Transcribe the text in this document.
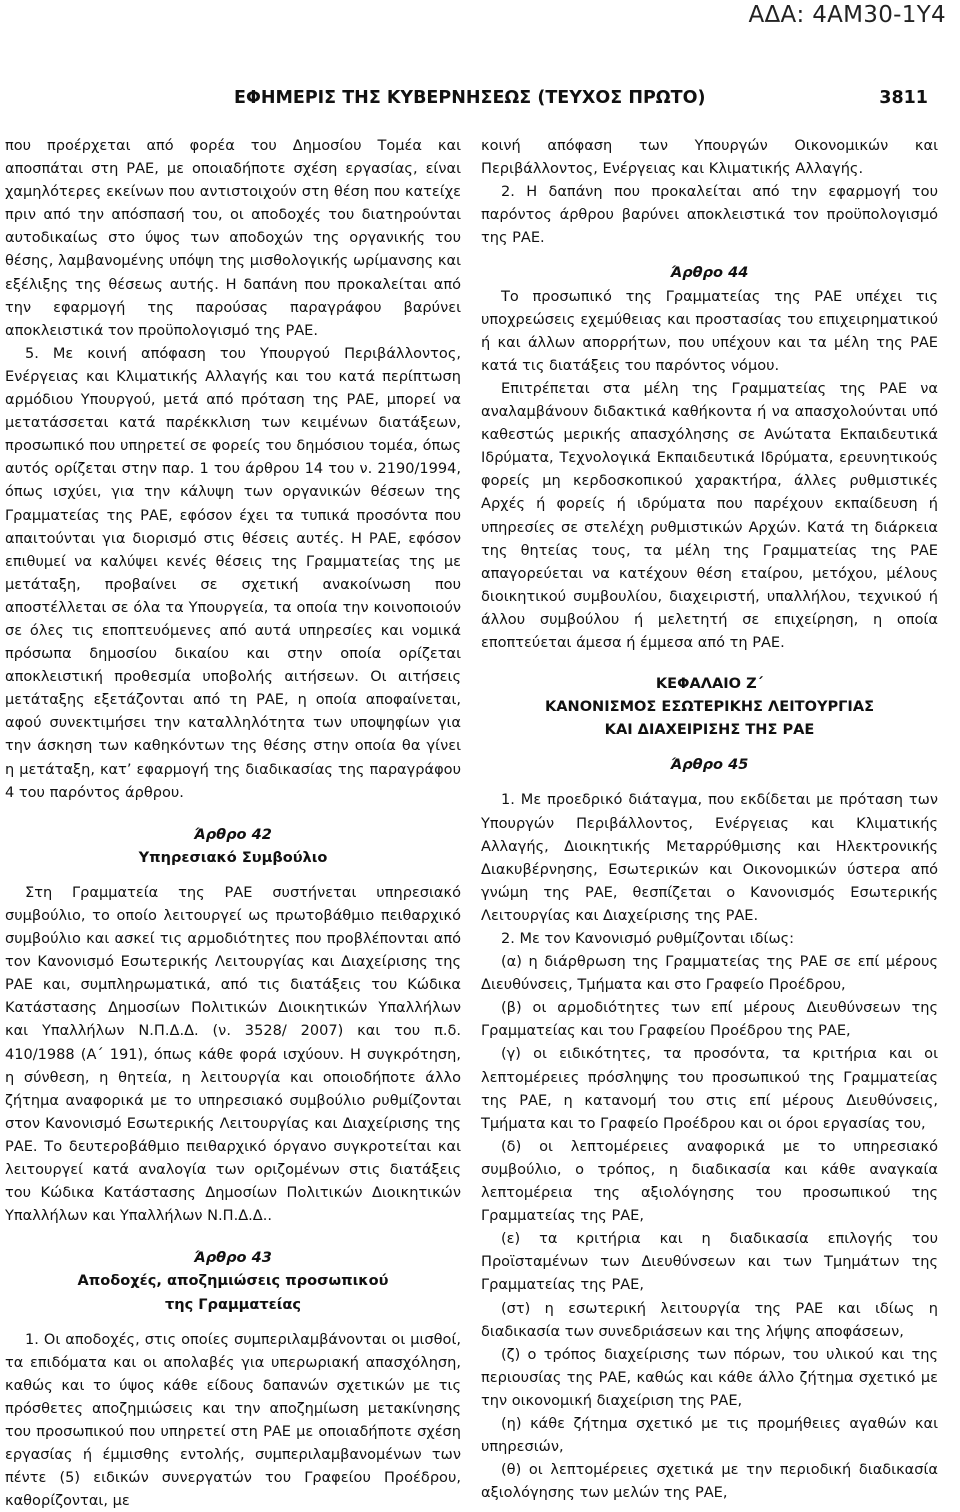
ΑΔΑ: 4ΑΜ30-1Υ4
ΕΦΗΜΕΡΙΣ ΤΗΣ ΚΥΒΕΡΝΗΣΕΩΣ (ΤΕΥΧΟΣ ΠΡΩΤΟ)	3811

που προέρχεται από φορέα του Δημοσίου Τομέα και αποσπάται στη ΡΑΕ, με οποιαδήποτε σχέση εργασίας, είναι χαμηλότερες εκείνων που αντιστοιχούν στη θέση που κατείχε πριν από την απόσπασή του, οι αποδοχές του διατηρούνται αυτοδικαίως στο ύψος των αποδοχών της οργανικής του θέσης, λαμβανομένης υπόψη της μισθολογικής ωρίμανσης και εξέλιξης της θέσεως αυτής. Η δαπάνη που προκαλείται από την εφαρμογή της παρούσας παραγράφου βαρύνει αποκλειστικά τον προϋπολογισμό της ΡΑΕ.

5. Με κοινή απόφαση του Υπουργού Περιβάλλοντος, Ενέργειας και Κλιματικής Αλλαγής και του κατά περίπτωση αρμόδιου Υπουργού, μετά από πρόταση της ΡΑΕ, μπορεί να μετατάσσεται κατά παρέκκλιση των κειμένων διατάξεων, προσωπικό που υπηρετεί σε φορείς του δημόσιου τομέα, όπως αυτός ορίζεται στην παρ. 1 του άρθρου 14 του ν. 2190/1994, όπως ισχύει, για την κάλυψη των οργανικών θέσεων της Γραμματείας της ΡΑΕ, εφόσον έχει τα τυπικά προσόντα που απαιτούνται για διορισμό στις θέσεις αυτές. Η ΡΑΕ, εφόσον επιθυμεί να καλύψει κενές θέσεις της Γραμματείας της με μετάταξη, προβαίνει σε σχετική ανακοίνωση που αποστέλλεται σε όλα τα Υπουργεία, τα οποία την κοινοποιούν σε όλες τις εποπτευόμενες από αυτά υπηρεσίες και νομικά πρόσωπα δημοσίου δικαίου και στην οποία ορίζεται αποκλειστική προθεσμία υποβολής αιτήσεων. Οι αιτήσεις μετάταξης εξετάζονται από τη ΡΑΕ, η οποία αποφαίνεται, αφού συνεκτιμήσει την καταλληλότητα των υποψηφίων για την άσκηση των καθηκόντων της θέσης στην οποία θα γίνει η μετάταξη, κατ’ εφαρμογή της διαδικασίας της παραγράφου 4 του παρόντος άρθρου.

Άρθρο 42

Υπηρεσιακό Συμβούλιο

Στη Γραμματεία της ΡΑΕ συστήνεται υπηρεσιακό συμβούλιο, το οποίο λειτουργεί ως πρωτοβάθμιο πειθαρχικό συμβούλιο και ασκεί τις αρμοδιότητες που προβλέπονται από τον Κανονισμό Εσωτερικής Λειτουργίας και Διαχείρισης της ΡΑΕ και, συμπληρωματικά, από τις διατάξεις του Κώδικα Κατάστασης Δημοσίων Πολιτικών Διοικητικών Υπαλλήλων και Υπαλλήλων Ν.Π.Δ.Δ. (ν. 3528/ 2007) και του π.δ. 410/1988 (Α΄ 191), όπως κάθε φορά ισχύουν. Η συγκρότηση, η σύνθεση, η θητεία, η λειτουργία και οποιοδήποτε άλλο ζήτημα αναφορικά με το υπηρεσιακό συμβούλιο ρυθμίζονται στον Κανονισμό Εσωτερικής Λειτουργίας και Διαχείρισης της ΡΑΕ. Το δευτεροβάθμιο πειθαρχικό όργανο συγκροτείται και λειτουργεί κατά αναλογία των οριζομένων στις διατάξεις του Κώδικα Κατάστασης Δημοσίων Πολιτικών Διοικητικών Υπαλλήλων και Υπαλλήλων Ν.Π.Δ.Δ..

Άρθρο 43

Αποδοχές, αποζημιώσεις προσωπικού

της Γραμματείας

1. Οι αποδοχές, στις οποίες συμπεριλαμβάνονται οι μισθοί, τα επιδόματα και οι απολαβές για υπερωριακή απασχόληση, καθώς και το ύψος κάθε είδους δαπανών σχετικών με τις πρόσθετες αποζημιώσεις και την αποζημίωση μετακίνησης του προσωπικού που υπηρετεί στη ΡΑΕ με οποιαδήποτε σχέση εργασίας ή έμμισθης εντολής, συμπεριλαμβανομένων των πέντε (5) ειδικών συνεργατών του Γραφείου Προέδρου, καθορίζονται, με

κοινή απόφαση των Υπουργών Οικονομικών και Περιβάλλοντος, Ενέργειας και Κλιματικής Αλλαγής.

2. Η δαπάνη που προκαλείται από την εφαρμογή του παρόντος άρθρου βαρύνει αποκλειστικά τον προϋπολογισμό της ΡΑΕ.

Άρθρο 44

Το προσωπικό της Γραμματείας της ΡΑΕ υπέχει τις υποχρεώσεις εχεμύθειας και προστασίας του επιχειρηματικού ή και άλλων απορρήτων, που υπέχουν και τα μέλη της ΡΑΕ κατά τις διατάξεις του παρόντος νόμου.

Επιτρέπεται στα μέλη της Γραμματείας της ΡΑΕ να αναλαμβάνουν διδακτικά καθήκοντα ή να απασχολούνται υπό καθεστώς μερικής απασχόλησης σε Ανώτατα Εκπαιδευτικά Ιδρύματα, Τεχνολογικά Εκπαιδευτικά Ιδρύματα, ερευνητικούς φορείς μη κερδοσκοπικού χαρακτήρα, άλλες ρυθμιστικές Αρχές ή φορείς ή ιδρύματα που παρέχουν εκπαίδευση ή υπηρεσίες σε στελέχη ρυθμιστικών Αρχών. Κατά τη διάρκεια της θητείας τους, τα μέλη της Γραμματείας της ΡΑΕ απαγορεύεται να κατέχουν θέση εταίρου, μετόχου, μέλους διοικητικού συμβουλίου, διαχειριστή, υπαλλήλου, τεχνικού ή άλλου συμβούλου ή μελετητή σε επιχείρηση, η οποία εποπτεύεται άμεσα ή έμμεσα από τη ΡΑΕ.

ΚΕΦΑΛΑΙΟ Ζ΄

ΚΑΝΟΝΙΣΜΟΣ ΕΣΩΤΕΡΙΚΗΣ ΛΕΙΤΟΥΡΓΙΑΣ

ΚΑΙ ΔΙΑΧΕΙΡΙΣΗΣ ΤΗΣ ΡΑΕ

Άρθρο 45

1. Με προεδρικό διάταγμα, που εκδίδεται με πρόταση των Υπουργών Περιβάλλοντος, Ενέργειας και Κλιματικής Αλλαγής, Διοικητικής Μεταρρύθμισης και Ηλεκτρονικής Διακυβέρνησης, Εσωτερικών και Οικονομικών ύστερα από γνώμη της ΡΑΕ, θεσπίζεται ο Κανονισμός Εσωτερικής Λειτουργίας και Διαχείρισης της ΡΑΕ.

2. Με τον Κανονισμό ρυθμίζονται ιδίως:

(α) η διάρθρωση της Γραμματείας της ΡΑΕ σε επί μέρους Διευθύνσεις, Τμήματα και στο Γραφείο Προέδρου,

(β) οι αρμοδιότητες των επί μέρους Διευθύνσεων της Γραμματείας και του Γραφείου Προέδρου της ΡΑΕ,

(γ) οι ειδικότητες, τα προσόντα, τα κριτήρια και οι λεπτομέρειες πρόσληψης του προσωπικού της Γραμματείας της ΡΑΕ, η κατανομή του στις επί μέρους Διευθύνσεις, Τμήματα και το Γραφείο Προέδρου και οι όροι εργασίας του,

(δ) οι λεπτομέρειες αναφορικά με το υπηρεσιακό συμβούλιο, ο τρόπος, η διαδικασία και κάθε αναγκαία λεπτομέρεια της αξιολόγησης του προσωπικού της Γραμματείας της ΡΑΕ,

(ε) τα κριτήρια και η διαδικασία επιλογής του Προϊσταμένων των Διευθύνσεων και των Τμημάτων της Γραμματείας της ΡΑΕ,

(στ) η εσωτερική λειτουργία της ΡΑΕ και ιδίως η διαδικασία των συνεδριάσεων και της λήψης αποφάσεων,

(ζ) ο τρόπος διαχείρισης των πόρων, του υλικού και της περιουσίας της ΡΑΕ, καθώς και κάθε άλλο ζήτημα σχετικό με την οικονομική διαχείριση της ΡΑΕ,

(η) κάθε ζήτημα σχετικό με τις προμήθειες αγαθών και υπηρεσιών,

(θ) οι λεπτομέρειες σχετικά με την περιοδική διαδικασία αξιολόγησης των μελών της ΡΑΕ,
